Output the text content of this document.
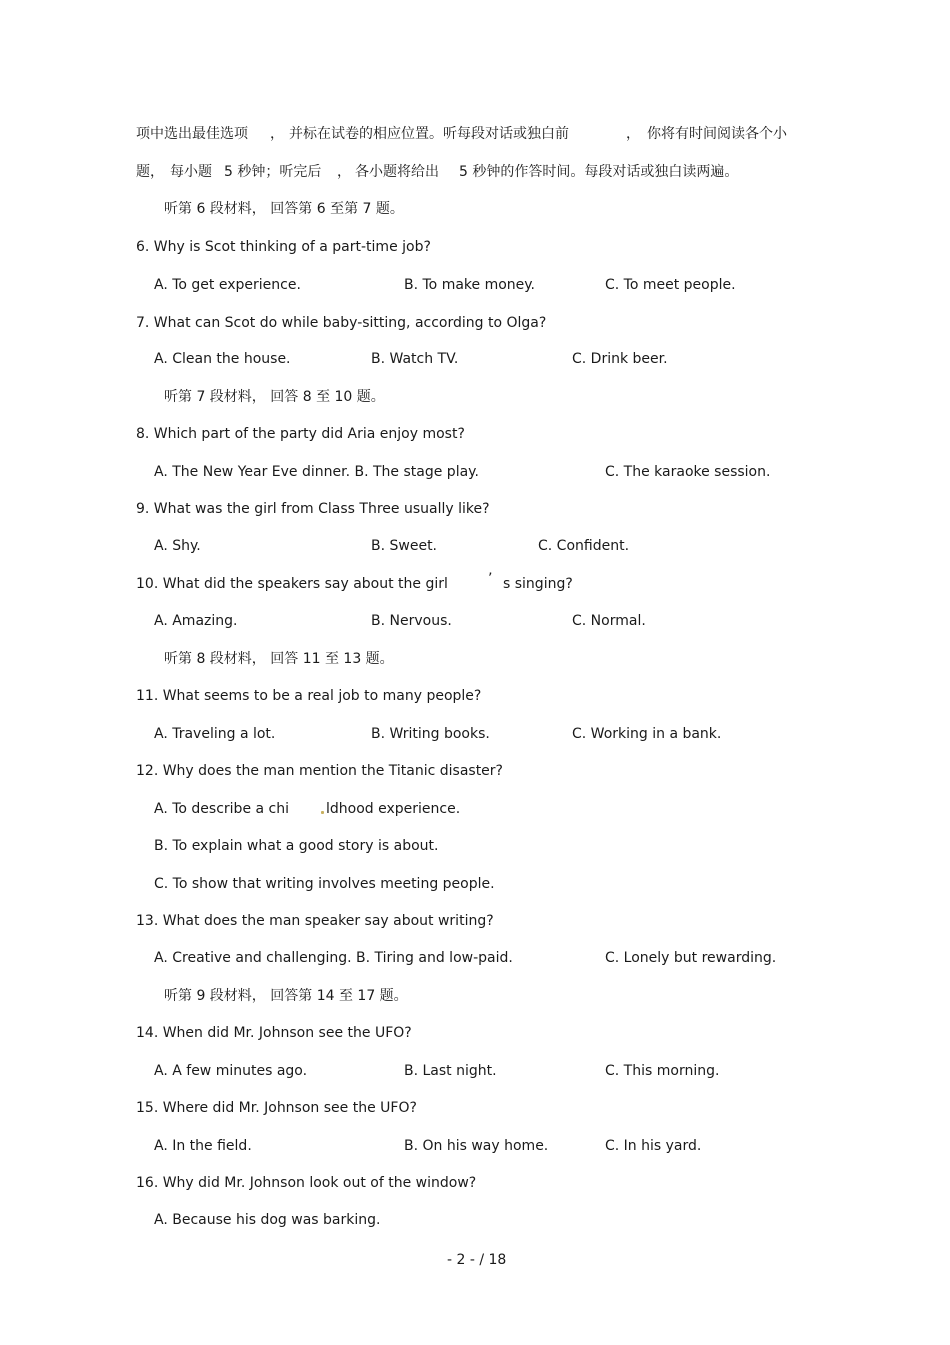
项中选出最佳选项 ， 并标在试卷的相应位置。听每段对话或独白前	， 你将有时间阅读各个小
题， 每小题 5 秒钟；听完后 ， 各小题将给出 5 秒钟的作答时间。每段对话或独白读两遍。
听第 6 段材料， 回答第 6 至第 7 题。
6. Why is Scot thinking of a part-time job?
A. To get experience.	B. To make money.	C. To meet people.
7. What can Scot do while baby-sitting, according to Olga?
A. Clean the house.	B. Watch TV.	C. Drink beer.
听第 7 段材料， 回答 8 至 10 题。
8. Which part of the party did Aria enjoy most?
A. The New Year Eve dinner. B. The stage play.	C. The karaoke session.
9. What was the girl from Class Three usually like?
A. Shy.	B. Sweet.	C. Confident.
10. What did the speakers say about the girl	’ s singing?
A. Amazing.	B. Nervous.	C. Normal.
听第 8 段材料， 回答 11 至 13 题。
11. What seems to be a real job to many people?
A. Traveling a lot.	B. Writing books.	C. Working in a bank.
12. Why does the man mention the Titanic disaster?
A. To describe a chi	ldhood experience.
B. To explain what a good story is about.
C. To show that writing involves meeting people.
13. What does the man speaker say about writing?
A. Creative and challenging. B. Tiring and low-paid.	C. Lonely but rewarding.
听第 9 段材料， 回答第 14 至 17 题。
14. When did Mr. Johnson see the UFO?
A. A few minutes ago.	B. Last night.	C. This morning.
15. Where did Mr. Johnson see the UFO?
A. In the field.	B. On his way home.	C. In his yard.
16. Why did Mr. Johnson look out of the window?
A. Because his dog was barking.
- 2 - / 18
